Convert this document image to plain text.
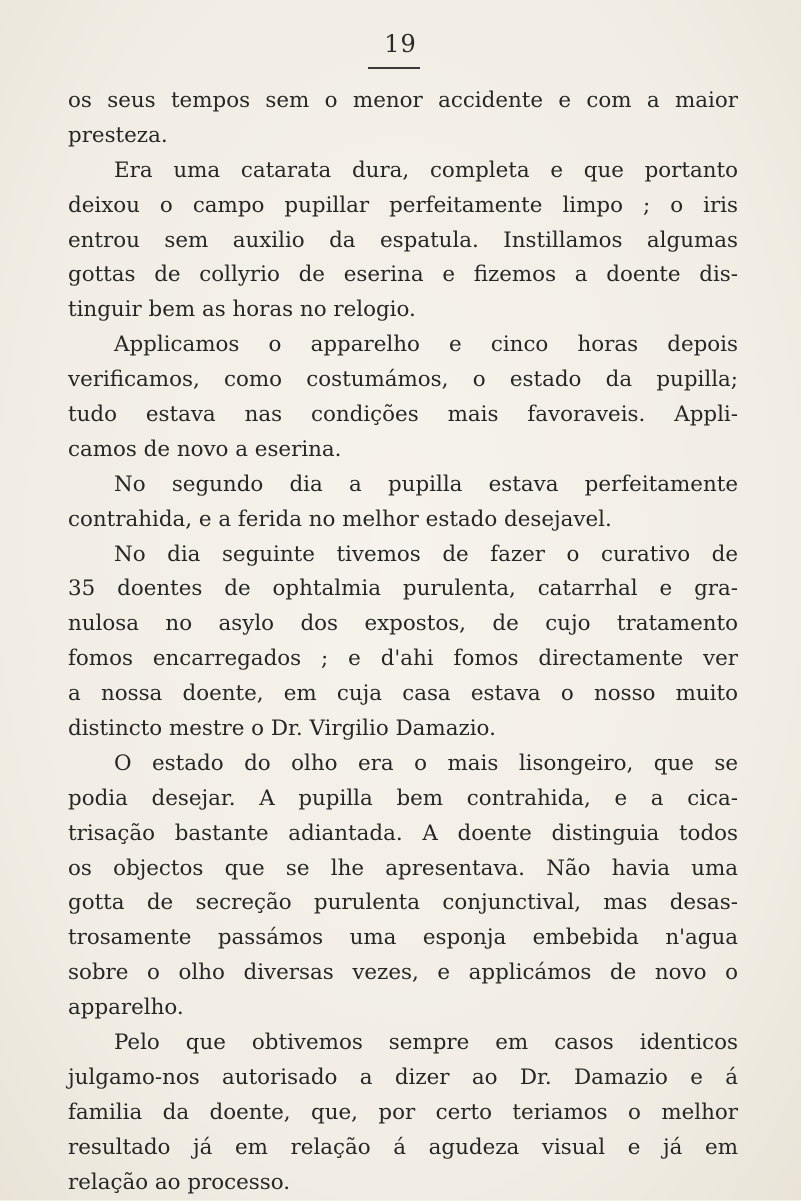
19

os seus tempos sem o menor accidente e com a maior
presteza.

Era uma catarata dura, completa e que portanto
deixou o campo pupillar perfeitamente limpo ; o iris
entrou sem auxilio da espatula. Instillamos algumas
gottas de collyrio de eserina e fizemos a doente dis-
tinguir bem as horas no relogio.

Applicamos o apparelho e cinco horas depois
verificamos, como costumámos, o estado da pupilla;
tudo estava nas condições mais favoraveis. Appli-
camos de novo a eserina.

No segundo dia a pupilla estava perfeitamente
contrahida, e a ferida no melhor estado desejavel.

No dia seguinte tivemos de fazer o curativo de
35 doentes de ophtalmia purulenta, catarrhal e gra-
nulosa no asylo dos expostos, de cujo tratamento
fomos encarregados ; e d'ahi fomos directamente ver
a nossa doente, em cuja casa estava o nosso muito
distincto mestre o Dr. Virgilio Damazio.

O estado do olho era o mais lisongeiro, que se
podia desejar. A pupilla bem contrahida, e a cica-
trisação bastante adiantada. A doente distinguia todos
os objectos que se lhe apresentava. Não havia uma
gotta de secreção purulenta conjunctival, mas desas-
trosamente passámos uma esponja embebida n'agua
sobre o olho diversas vezes, e applicámos de novo o
apparelho.

Pelo que obtivemos sempre em casos identicos
julgamo-nos autorisado a dizer ao Dr. Damazio e á
familia da doente, que, por certo teriamos o melhor
resultado já em relação á agudeza visual e já em
relação ao processo.
